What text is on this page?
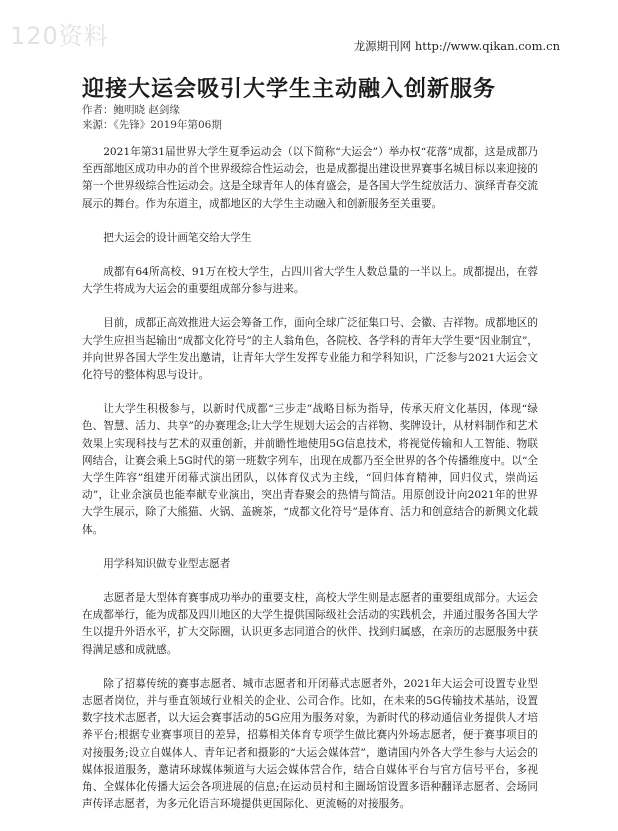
120资料	龙源期刊网 http://www.qikan.com.cn
迎接大运会吸引大学生主动融入创新服务
作者：鲍明晓 赵剑缘
来源：《先锋》2019年第06期

2021年第31届世界大学生夏季运动会（以下简称“大运会”）举办权“花落”成都，这是成都乃至西部地区成功申办的首个世界级综合性运动会，也是成都提出建设世界赛事名城目标以来迎接的第一个世界级综合性运动会。这是全球青年人的体育盛会，是各国大学生绽放活力、演绎青春交流展示的舞台。作为东道主，成都地区的大学生主动融入和创新服务至关重要。

把大运会的设计画笔交给大学生

成都有64所高校、91万在校大学生，占四川省大学生人数总量的一半以上。成都提出，在蓉大学生将成为大运会的重要组成部分参与进来。

目前，成都正高效推进大运会筹备工作，面向全球广泛征集口号、会徽、吉祥物。成都地区的大学生应担当起输出“成都文化符号”的主人翁角色，各院校、各学科的青年大学生要“因业制宜”，并向世界各国大学生发出邀请，让青年大学生发挥专业能力和学科知识，广泛参与2021大运会文化符号的整体构思与设计。

让大学生积极参与，以新时代成都“三步走”战略目标为指导，传承天府文化基因，体现“绿色、智慧、活力、共享”的办赛理念;让大学生规划大运会的吉祥物、奖牌设计，从材料制作和艺术效果上实现科技与艺术的双重创新，并前瞻性地使用5G信息技术，将视觉传输和人工智能、物联网结合，让赛会乘上5G时代的第一班数字列车，出现在成都乃至全世界的各个传播维度中。以“全大学生阵容”组建开闭幕式演出团队，以体育仪式为主线，“回归体育精神，回归仪式，崇尚运动”，让业余演员也能奉献专业演出，突出青春聚会的热情与简洁。用原创设计向2021年的世界大学生展示，除了大熊猫、火锅、盖碗茶，“成都文化符号”是体育、活力和创意结合的新興文化载体。

用学科知识做专业型志愿者

志愿者是大型体育赛事成功举办的重要支柱，高校大学生则是志愿者的重要组成部分。大运会在成都举行，能为成都及四川地区的大学生提供国际级社会活动的实践机会，并通过服务各国大学生以提升外语水平，扩大交际圈，认识更多志同道合的伙伴、找到归属感，在亲历的志愿服务中获得满足感和成就感。

除了招募传统的赛事志愿者、城市志愿者和开闭幕式志愿者外，2021年大运会可设置专业型志愿者岗位，并与垂直领域行业相关的企业、公司合作。比如，在未来的5G传输技术基站，设置数字技术志愿者，以大运会赛事活动的5G应用为服务对象，为新时代的移动通信业务提供人才培养平台;根据专业赛事项目的差异，招募相关体育专项学生做比赛内外场志愿者，便于赛事项目的对接服务;设立自媒体人、青年记者和摄影的“大运会媒体营”，邀请国内外各大学生参与大运会的媒体报道服务，邀请环球媒体频道与大运会媒体营合作，结合自媒体平台与官方信号平台，多视角、全媒体化传播大运会各项进展的信息;在运动员村和主圖场馆设置多语种翻译志愿者、会场同声传译志愿者，为多元化语言环境提供更国际化、更流畅的对接服务。
